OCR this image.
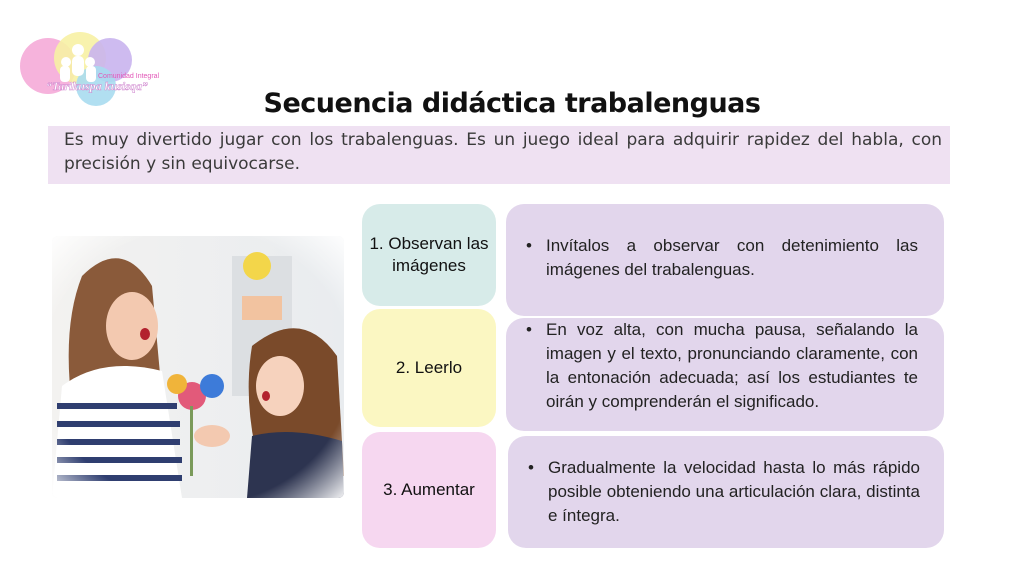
Comunidad Integral
“Tarikuspa kusisqa”
Secuencia didáctica trabalenguas
Es muy divertido jugar con los trabalenguas. Es un juego ideal para adquirir rapidez del habla, con precisión y sin equivocarse.
1. Observan las imágenes

• Invítalos a observar con detenimiento las imágenes del trabalenguas.

2. Leerlo

• En voz alta, con mucha pausa, señalando la imagen y el texto, pronunciando claramente, con la entonación adecuada; así los estudiantes te oirán y comprenderán el significado.

3. Aumentar

• Gradualmente la velocidad hasta lo más rápido posible obteniendo una articulación clara, distinta e íntegra.
